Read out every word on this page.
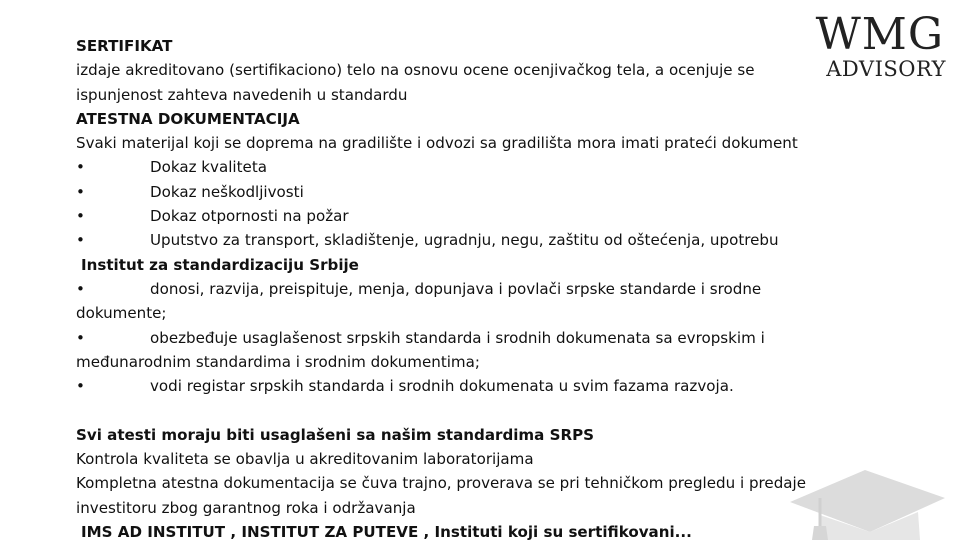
WMG
ADVISORY
SERTIFIKAT
izdaje akreditovano (sertifikaciono) telo na osnovu ocene ocenjivačkog tela, a ocenjuje se
ispunjenost zahteva navedenih u standardu
ATESTNA DOKUMENTACIJA
Svaki materijal koji se doprema na gradilište i odvozi sa gradilišta mora imati prateći dokument
•	Dokaz kvaliteta
•	Dokaz neškodljivosti
•	Dokaz otpornosti na požar
•	Uputstvo za transport, skladištenje, ugradnju, negu, zaštitu od oštećenja, upotrebu
Institut za standardizaciju Srbije
•	donosi, razvija, preispituje, menja, dopunjava i povlači srpske standarde i srodne
dokumente;
•	obezbeđuje usaglašenost srpskih standarda i srodnih dokumenata sa evropskim i
međunarodnim standardima i srodnim dokumentima;
•	vodi registar srpskih standarda i srodnih dokumenata u svim fazama razvoja.
Svi atesti moraju biti usaglašeni sa našim standardima SRPS
Kontrola kvaliteta se obavlja u akreditovanim laboratorijama
Kompletna atestna dokumentacija se čuva trajno, proverava se pri tehničkom pregledu i predaje
investitoru zbog garantnog roka i održavanja
IMS AD INSTITUT , INSTITUT ZA PUTEVE , Instituti koji su sertifikovani...
